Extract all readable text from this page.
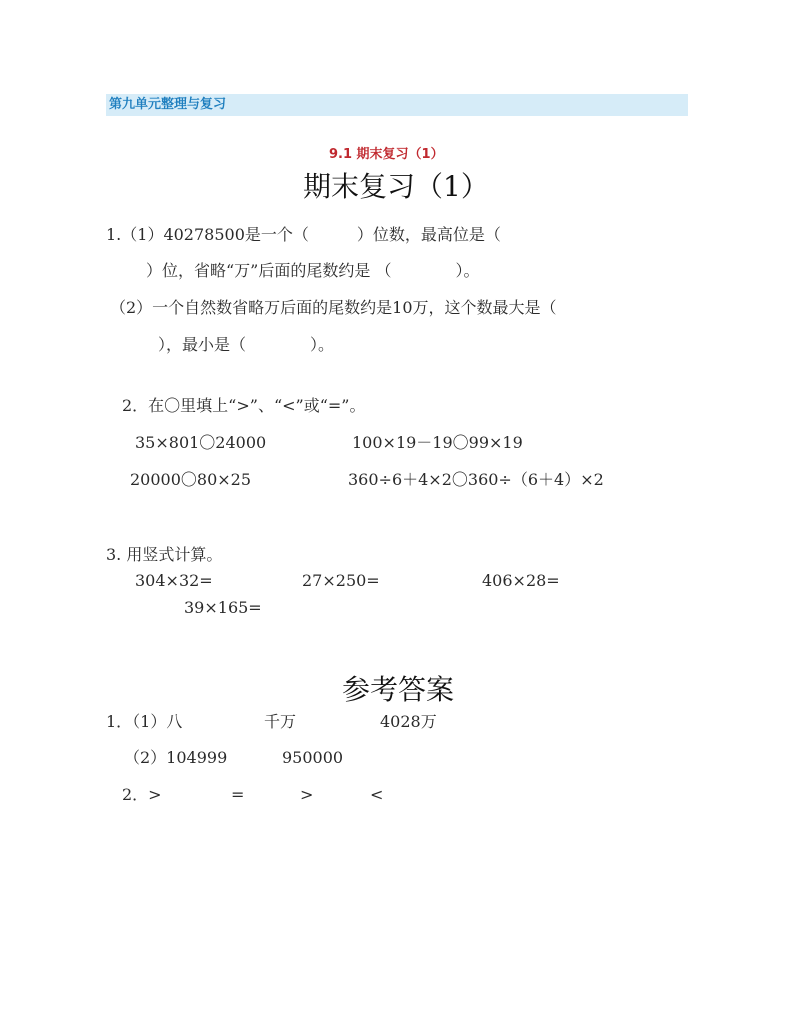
第九单元整理与复习
9.1 期末复习（1）
期末复习（1）
1.（1）40278500是一个（　　　）位数，最高位是（
）位，省略“万”后面的尾数约是 （　　　　）。
（2）一个自然数省略万后面的尾数约是10万，这个数最大是（
），最小是（　　　　）。
2．在〇里填上“>”、“<”或“=”。
35×801〇24000	100×19－19〇99×19
20000〇80×25	360÷6＋4×2〇360÷（6＋4）×2
3. 用竖式计算。
304×32=	27×250=	406×28=
39×165=
参考答案
1．（1）八	千万	4028万
（2）104999	950000
2．>	=	>	<
